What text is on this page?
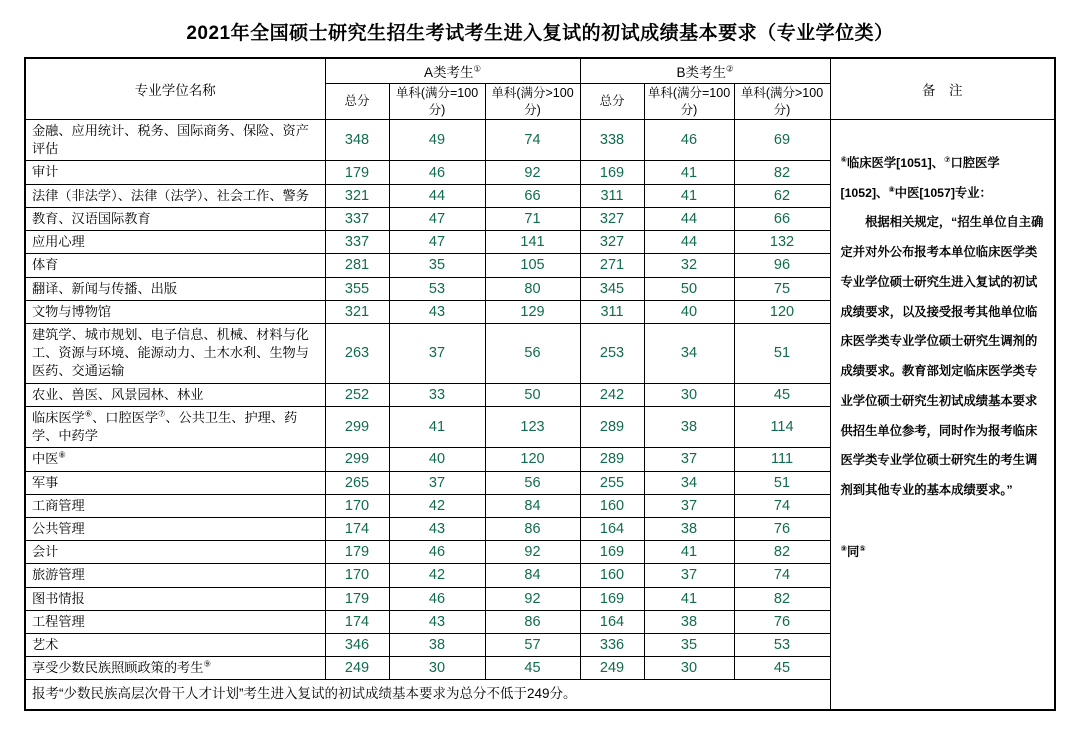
2021年全国硕士研究生招生考试考生进入复试的初试成绩基本要求（专业学位类）
专业学位名称	A类考生①			B类考生②			备　注
	总分	单科(满分=100分)	单科(满分>100分)	总分	单科(满分=100分)	单科(满分>100分)	
金融、应用统计、税务、国际商务、保险、资产评估	348	49	74	338	46	69	⑥临床医学[1051]、⑦口腔医学[1052]、⑧中医[1057]专业：
根据相关规定，“招生单位自主确定并对外公布报考本单位临床医学类专业学位硕士研究生进入复试的初试成绩要求，以及接受报考其他单位临床医学类专业学位硕士研究生调剂的成绩要求。教育部划定临床医学类专业学位硕士研究生初试成绩基本要求供招生单位参考，同时作为报考临床医学类专业学位硕士研究生的考生调剂到其他专业的基本成绩要求。”
⑨同⑤

审计	179	46	92	169	41	82	
法律（非法学）、法律（法学）、社会工作、警务	321	44	66	311	41	62	
教育、汉语国际教育	337	47	71	327	44	66	
应用心理	337	47	141	327	44	132	
体育	281	35	105	271	32	96	
翻译、新闻与传播、出版	355	53	80	345	50	75	
文物与博物馆	321	43	129	311	40	120	
建筑学、城市规划、电子信息、机械、材料与化工、资源与环境、能源动力、土木水利、生物与医药、交通运输	263	37	56	253	34	51	
农业、兽医、风景园林、林业	252	33	50	242	30	45	
临床医学⑥、口腔医学⑦、公共卫生、护理、药学、中药学	299	41	123	289	38	114	
中医⑧	299	40	120	289	37	111	
军事	265	37	56	255	34	51	
工商管理	170	42	84	160	37	74	
公共管理	174	43	86	164	38	76	
会计	179	46	92	169	41	82	
旅游管理	170	42	84	160	37	74	
图书情报	179	46	92	169	41	82	
工程管理	174	43	86	164	38	76	
艺术	346	38	57	336	35	53	
享受少数民族照顾政策的考生⑨	249	30	45	249	30	45	
报考“少数民族高层次骨干人才计划”考生进入复试的初试成绩基本要求为总分不低于249分。							
